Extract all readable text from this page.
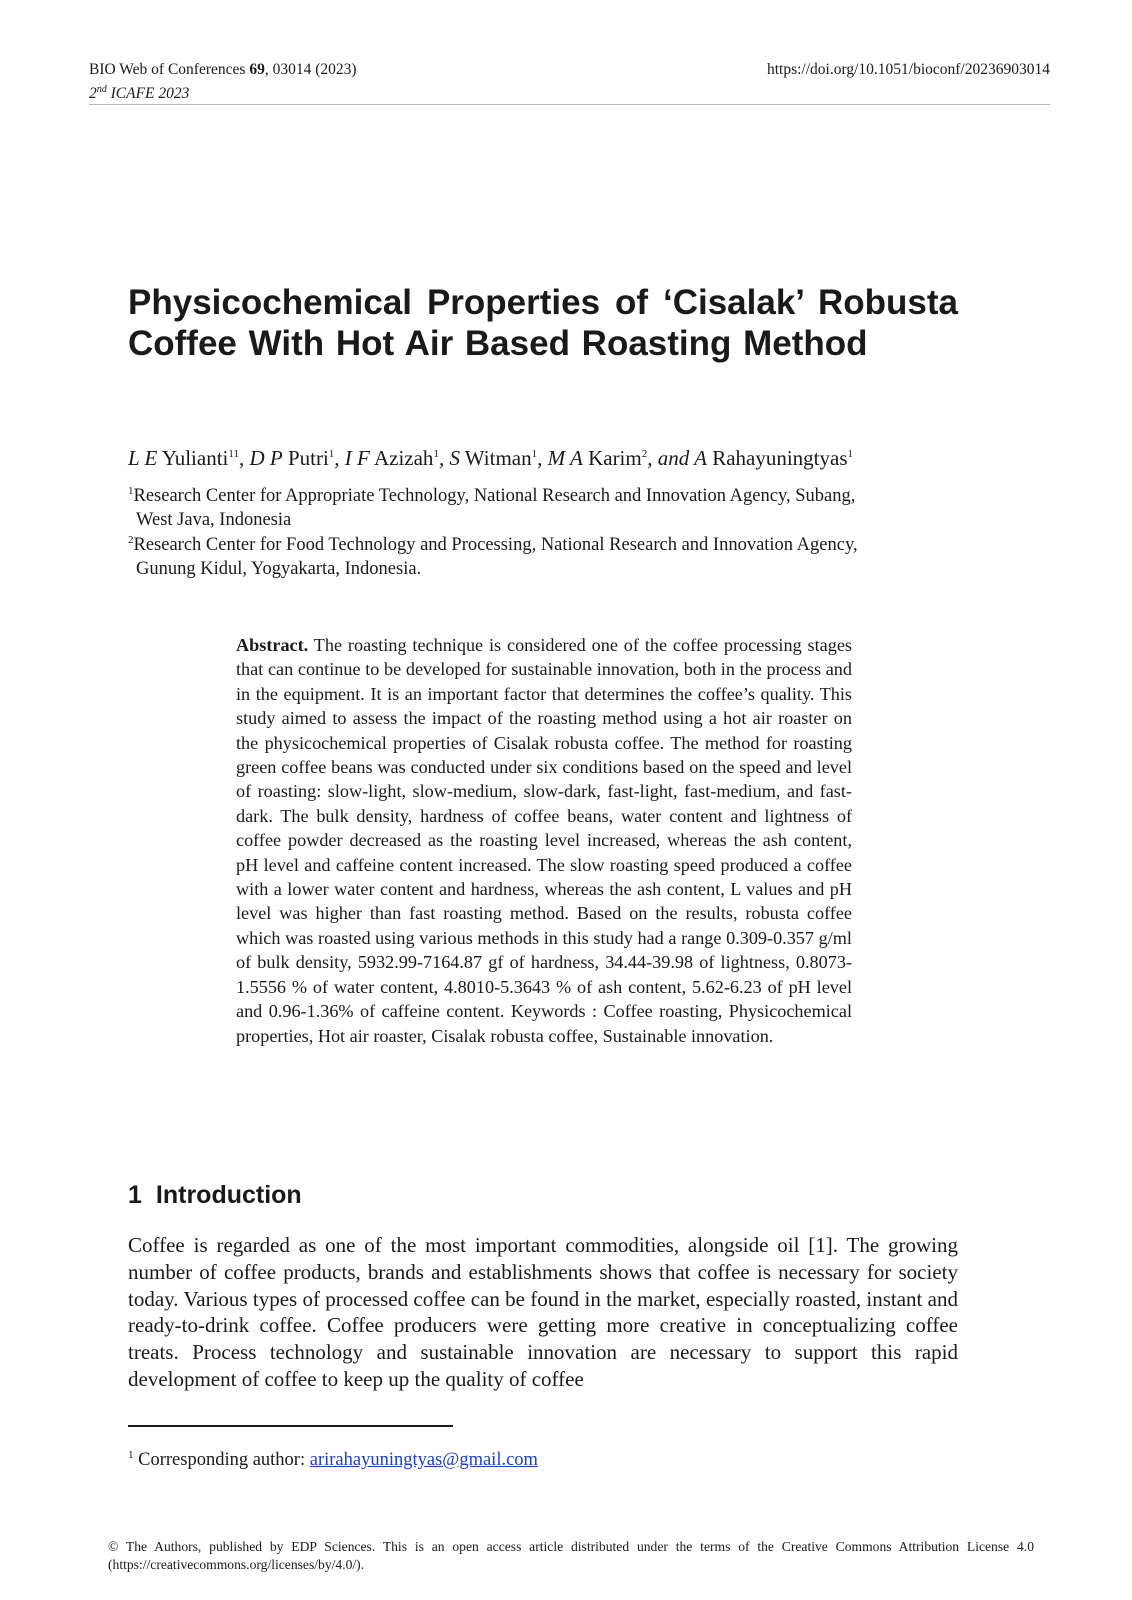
BIO Web of Conferences 69, 03014 (2023)
2nd ICAFE 2023
https://doi.org/10.1051/bioconf/20236903014
Physicochemical Properties of ‘Cisalak’ Robusta Coffee With Hot Air Based Roasting Method
L E Yulianti$^{11}$, D P Putri$^1$, I F Azizah$^1$, S Witman$^1$, M A Karim$^2$, and A Rahayuningtyas$^1$
$^1$Research Center for Appropriate Technology, National Research and Innovation Agency, Subang,
West Java, Indonesia
$^2$Research Center for Food Technology and Processing, National Research and Innovation Agency,
Gunung Kidul, Yogyakarta, Indonesia.

Abstract. The roasting technique is considered one of the coffee processing stages that can continue to be developed for sustainable innovation, both in the process and in the equipment. It is an important factor that determines the coffee’s quality. This study aimed to assess the impact of the roasting method using a hot air roaster on the physicochemical properties of Cisalak robusta coffee. The method for roasting green coffee beans was conducted under six conditions based on the speed and level of roasting: slow-light, slow-medium, slow-dark, fast-light, fast-medium, and fast-dark. The bulk density, hardness of coffee beans, water content and lightness of coffee powder decreased as the roasting level increased, whereas the ash content, pH level and caffeine content increased. The slow roasting speed produced a coffee with a lower water content and hardness, whereas the ash content, L values and pH level was higher than fast roasting method. Based on the results, robusta coffee which was roasted using various methods in this study had a range 0.309-0.357 g/ml of bulk density, 5932.99-7164.87 gf of hardness, 34.44-39.98 of lightness, 0.8073-1.5556 % of water content, 4.8010-5.3643 % of ash content, 5.62-6.23 of pH level and 0.96-1.36% of caffeine content. Keywords : Coffee roasting, Physicochemical properties, Hot air roaster, Cisalak robusta coffee, Sustainable innovation.

1 Introduction

Coffee is regarded as one of the most important commodities, alongside oil [1]. The growing number of coffee products, brands and establishments shows that coffee is necessary for society today. Various types of processed coffee can be found in the market, especially roasted, instant and ready-to-drink coffee. Coffee producers were getting more creative in conceptualizing coffee treats. Process technology and sustainable innovation are necessary to support this rapid development of coffee to keep up the quality of coffee

$^1$ Corresponding author: arirahayuningtyas@gmail.com

© The Authors, published by EDP Sciences. This is an open access article distributed under the terms of the Creative Commons Attribution License 4.0 (https://creativecommons.org/licenses/by/4.0/).
